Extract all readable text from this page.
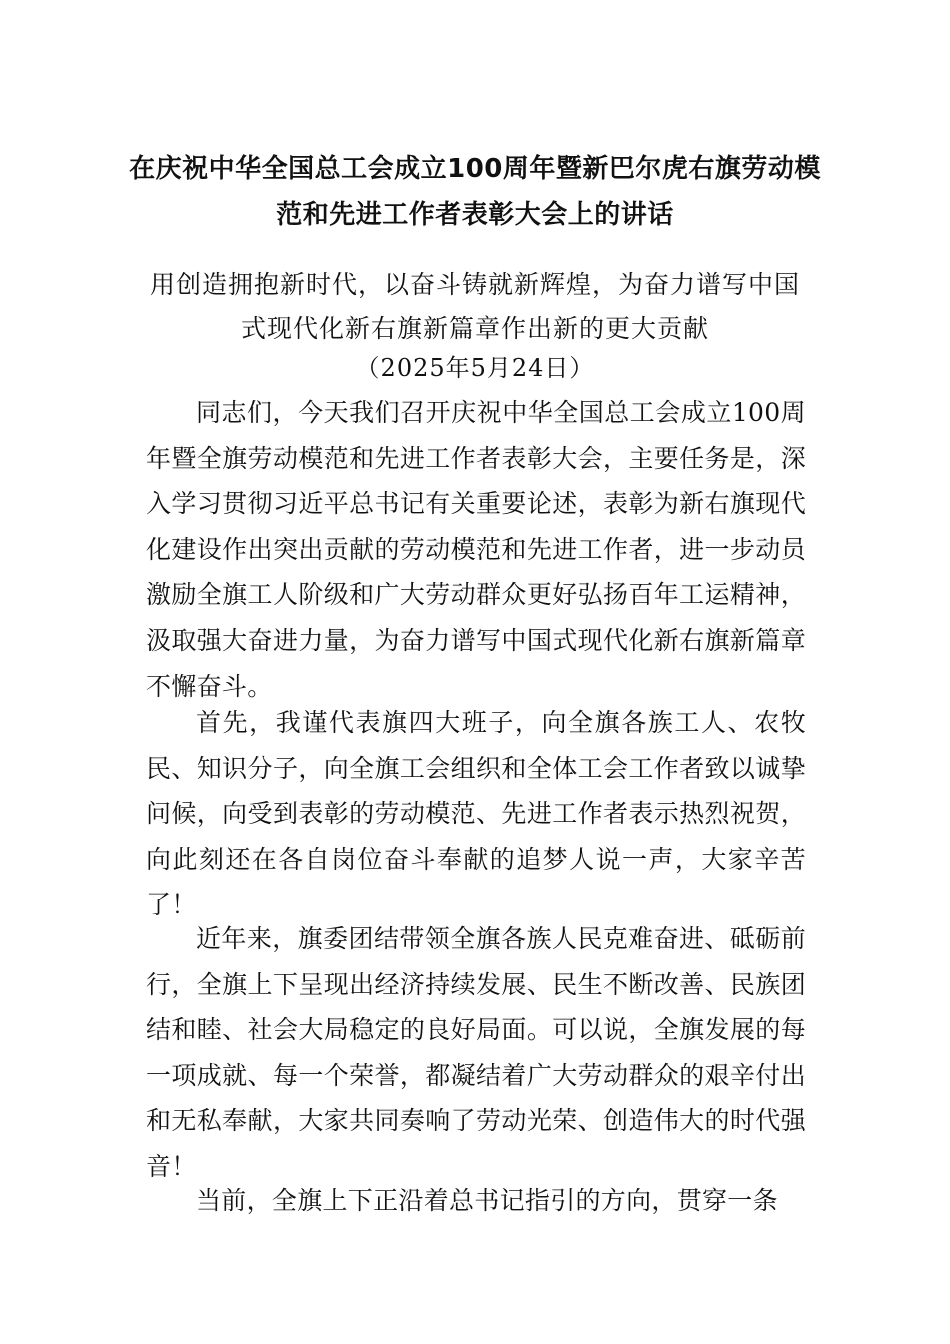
在庆祝中华全国总工会成立100周年暨新巴尔虎右旗劳动模
范和先进工作者表彰大会上的讲话
用创造拥抱新时代，以奋斗铸就新辉煌，为奋力谱写中国
式现代化新右旗新篇章作出新的更大贡献
（2025年5月24日）

同志们，今天我们召开庆祝中华全国总工会成立100周年暨全旗劳动模范和先进工作者表彰大会，主要任务是，深入学习贯彻习近平总书记有关重要论述，表彰为新右旗现代化建设作出突出贡献的劳动模范和先进工作者，进一步动员激励全旗工人阶级和广大劳动群众更好弘扬百年工运精神，汲取强大奋进力量，为奋力谱写中国式现代化新右旗新篇章不懈奋斗。

首先，我谨代表旗四大班子，向全旗各族工人、农牧民、知识分子，向全旗工会组织和全体工会工作者致以诚挚问候，向受到表彰的劳动模范、先进工作者表示热烈祝贺，向此刻还在各自岗位奋斗奉献的追梦人说一声，大家辛苦了！

近年来，旗委团结带领全旗各族人民克难奋进、砥砺前行，全旗上下呈现出经济持续发展、民生不断改善、民族团结和睦、社会大局稳定的良好局面。可以说，全旗发展的每一项成就、每一个荣誉，都凝结着广大劳动群众的艰辛付出和无私奉献，大家共同奏响了劳动光荣、创造伟大的时代强音！

当前，全旗上下正沿着总书记指引的方向，贯穿一条
